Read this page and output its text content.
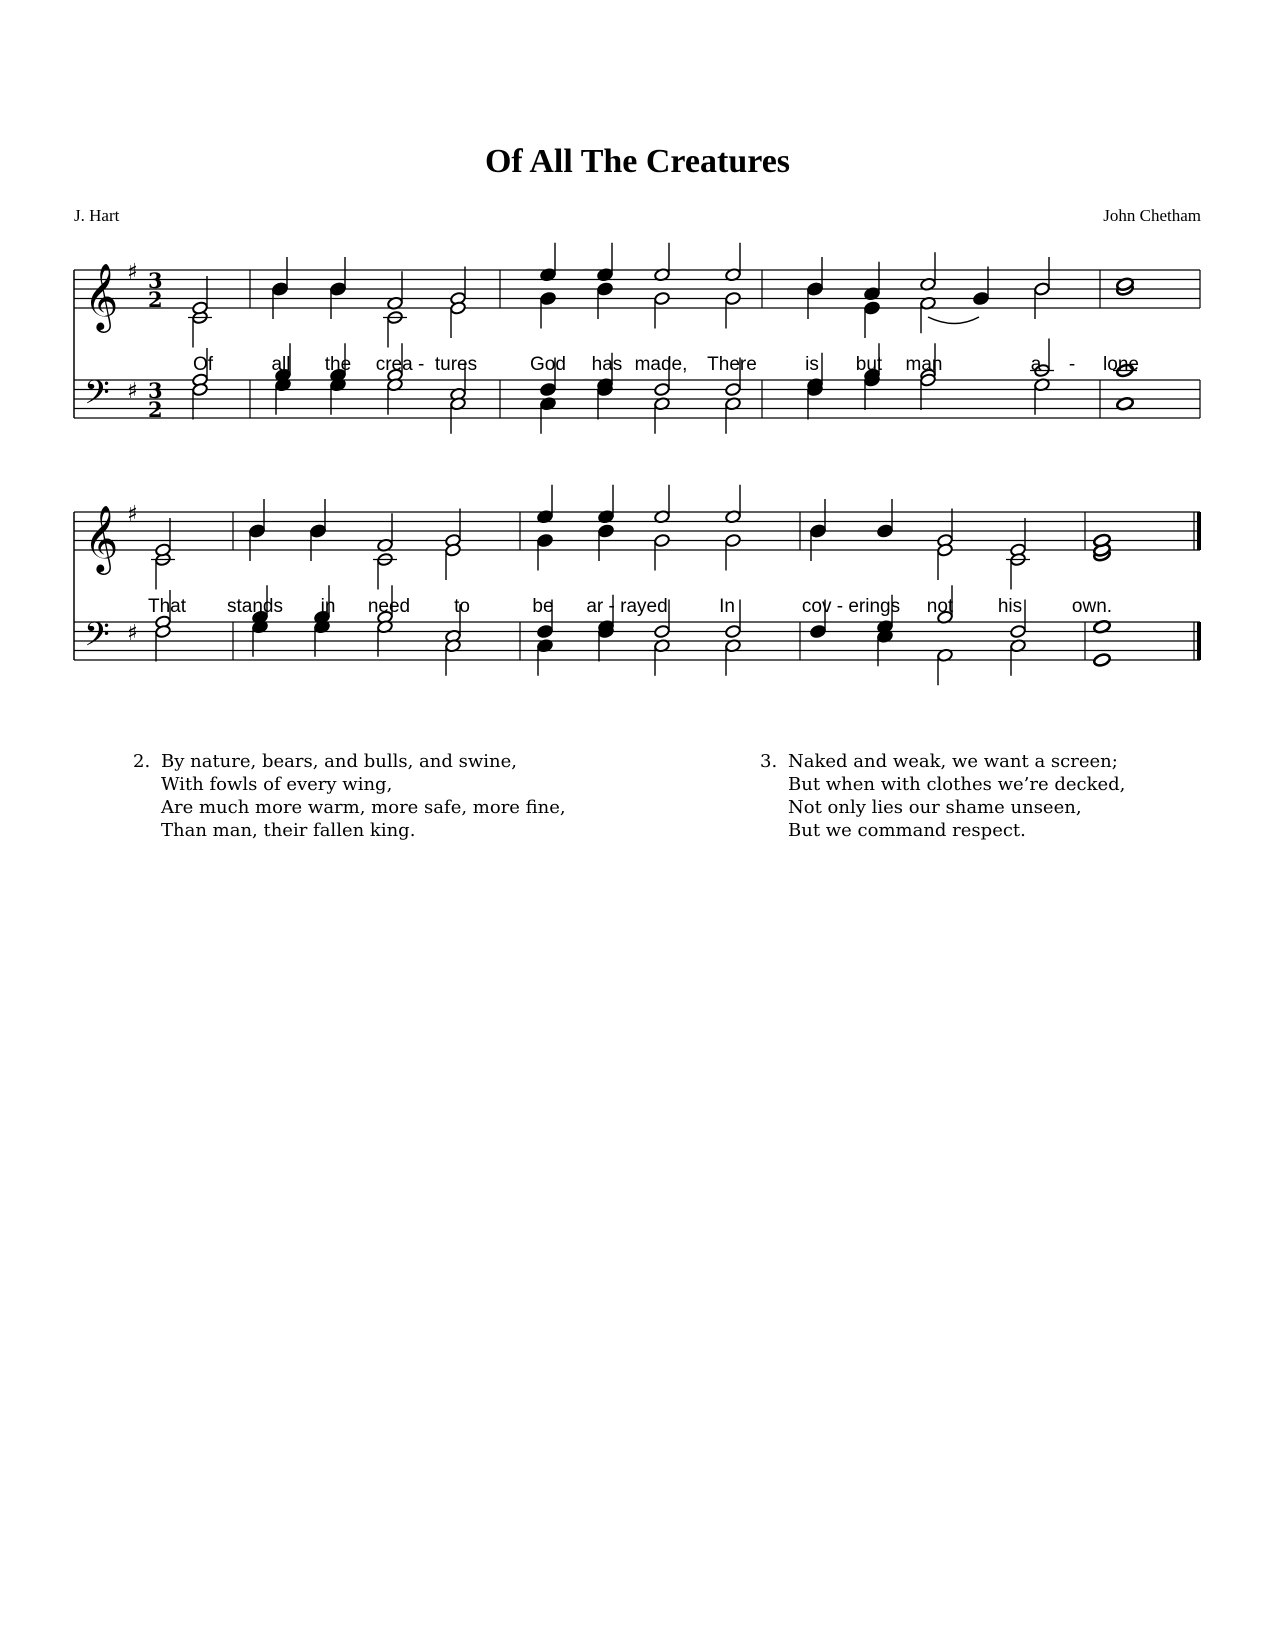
Of All The Creatures
J. Hart	John Chetham
𝄞
𝄢
♯
♯
3
2
3
2
Of	all the crea - tures	God has made, There	is but man	a - lone
𝄞
𝄢
♯
♯
That stands in need to	be ar - rayed	In	cov - erings not his	own.
2. By nature, bears, and bulls, and swine,
With fowls of every wing,
Are much more warm, more safe, more fine,
Than man, their fallen king.
3. Naked and weak, we want a screen;
But when with clothes we’re decked,
Not only lies our shame unseen,
But we command respect.
